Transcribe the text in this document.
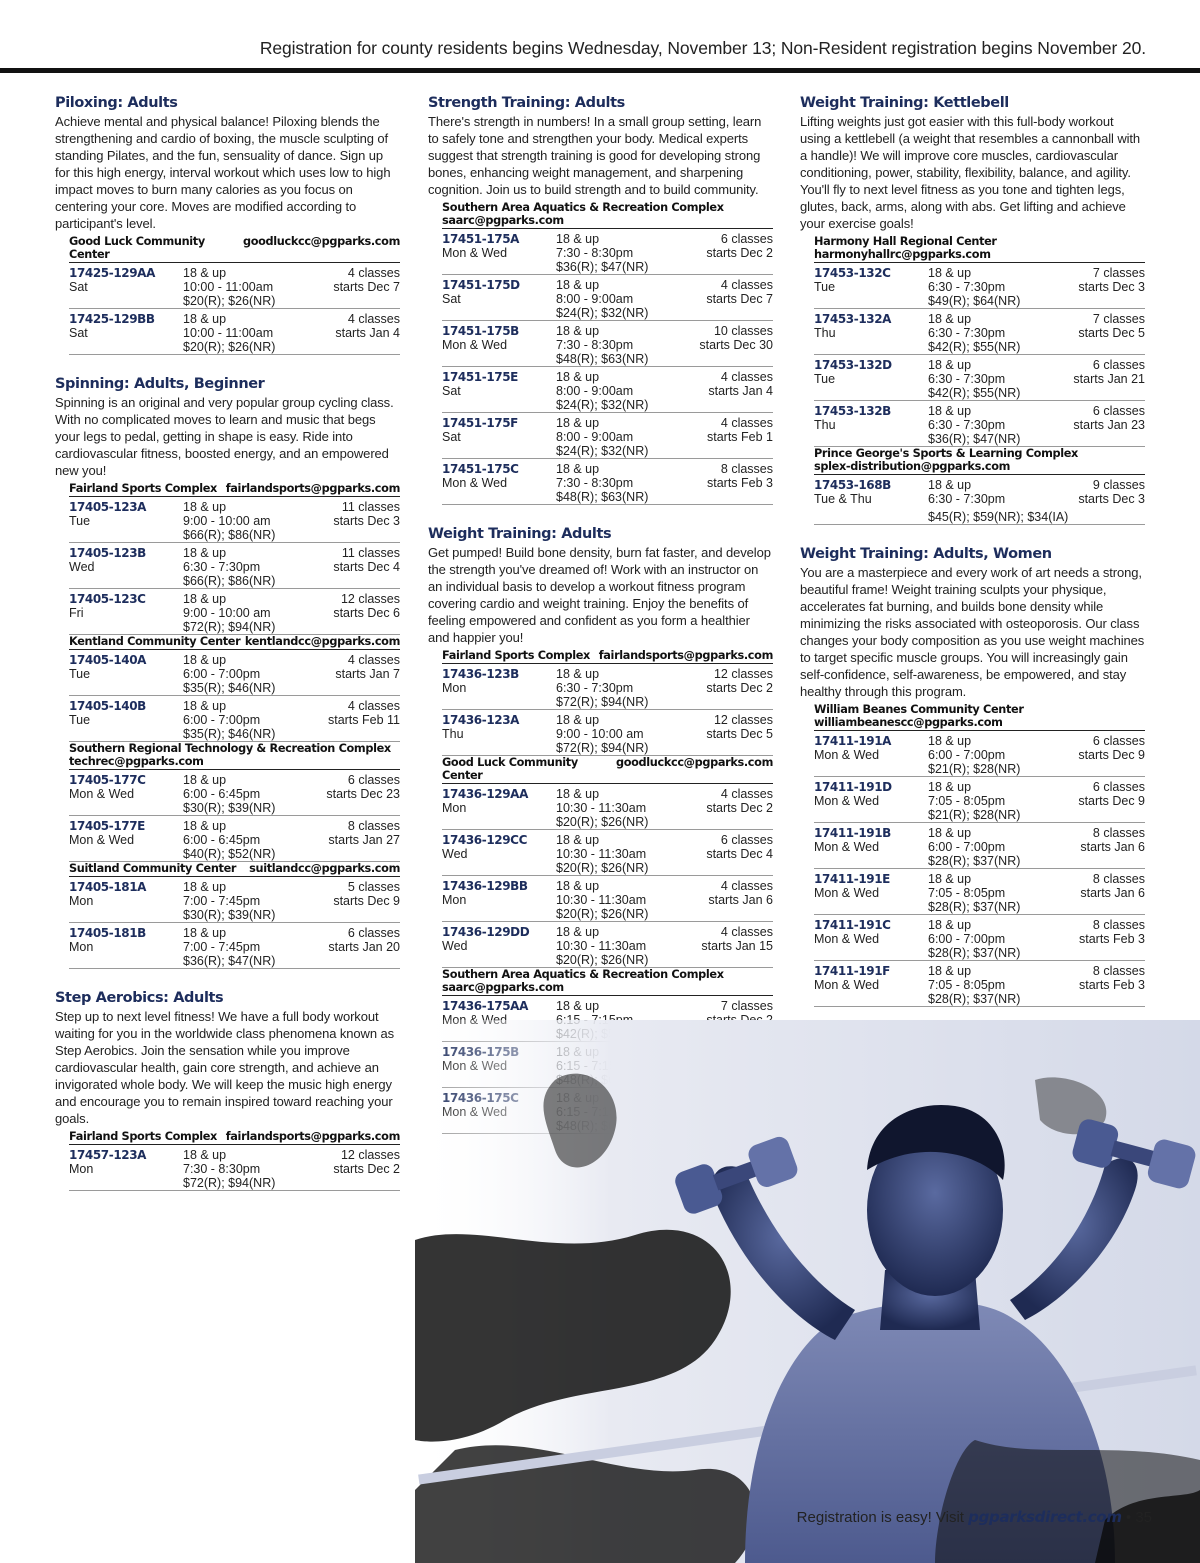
Registration for county residents begins Wednesday, November 13; Non-Resident registration begins November 20.
Piloxing: Adults
Achieve mental and physical balance! Piloxing blends the strengthening and cardio of boxing, the muscle sculpting of standing Pilates, and the fun, sensuality of dance. Sign up for this high energy, interval workout which uses low to high impact moves to burn many calories as you focus on centering your core. Moves are modified according to participant's level.
Good Luck Community Center
goodluckcc@pgparks.com
17425-129AA
Sat
18 & up
10:00 - 11:00am
$20(R); $26(NR)
4 classes
starts Dec 7
17425-129BB
Sat
18 & up
10:00 - 11:00am
$20(R); $26(NR)
4 classes
starts Jan 4
Spinning: Adults, Beginner
Spinning is an original and very popular group cycling class. With no complicated moves to learn and music that begs your legs to pedal, getting in shape is easy. Ride into cardiovascular fitness, boosted energy, and an empowered new you!
Fairland Sports Complex fairlandsports@pgparks.com
17405-123A
Tue
18 & up
9:00 - 10:00 am
$66(R); $86(NR)
11 classes
starts Dec 3
17405-123B
Wed
18 & up
6:30 - 7:30pm
$66(R); $86(NR)
11 classes
starts Dec 4
17405-123C
Fri
18 & up
9:00 - 10:00 am
$72(R); $94(NR)
12 classes
starts Dec 6
Kentland Community Center kentlandcc@pgparks.com
17405-140A
Tue
18 & up
6:00 - 7:00pm
$35(R); $46(NR)
4 classes
starts Jan 7
17405-140B
Tue
18 & up
6:00 - 7:00pm
$35(R); $46(NR)
4 classes
starts Feb 11
Southern Regional Technology & Recreation Complex
techrec@pgparks.com
17405-177C
Mon & Wed
18 & up
6:00 - 6:45pm
$30(R); $39(NR)
6 classes
starts Dec 23
17405-177E
Mon & Wed
18 & up
6:00 - 6:45pm
$40(R); $52(NR)
8 classes
starts Jan 27
Suitland Community Center suitlandcc@pgparks.com
17405-181A
Mon
18 & up
7:00 - 7:45pm
$30(R); $39(NR)
5 classes
starts Dec 9
17405-181B
Mon
18 & up
7:00 - 7:45pm
$36(R); $47(NR)
6 classes
starts Jan 20
Step Aerobics: Adults
Step up to next level fitness! We have a full body workout waiting for you in the worldwide class phenomena known as Step Aerobics. Join the sensation while you improve cardiovascular health, gain core strength, and achieve an invigorated whole body. We will keep the music high energy and encourage you to remain inspired toward reaching your goals.
Fairland Sports Complex fairlandsports@pgparks.com
17457-123A
Mon
18 & up
7:30 - 8:30pm
$72(R); $94(NR)
12 classes
starts Dec 2
Strength Training: Adults
There's strength in numbers! In a small group setting, learn to safely tone and strengthen your body. Medical experts suggest that strength training is good for developing strong bones, enhancing weight management, and sharpening cognition. Join us to build strength and to build community.
Southern Area Aquatics & Recreation Complex
saarc@pgparks.com
17451-175A
Mon & Wed
18 & up
7:30 - 8:30pm
$36(R); $47(NR)
6 classes
starts Dec 2
17451-175D
Sat
18 & up
8:00 - 9:00am
$24(R); $32(NR)
4 classes
starts Dec 7
17451-175B
Mon & Wed
18 & up
7:30 - 8:30pm
$48(R); $63(NR)
10 classes
starts Dec 30
17451-175E
Sat
18 & up
8:00 - 9:00am
$24(R); $32(NR)
4 classes
starts Jan 4
17451-175F
Sat
18 & up
8:00 - 9:00am
$24(R); $32(NR)
4 classes
starts Feb 1
17451-175C
Mon & Wed
18 & up
7:30 - 8:30pm
$48(R); $63(NR)
8 classes
starts Feb 3
Weight Training: Adults
Get pumped! Build bone density, burn fat faster, and develop the strength you've dreamed of! Work with an instructor on an individual basis to develop a workout fitness program covering cardio and weight training. Enjoy the benefits of feeling empowered and confident as you form a healthier and happier you!
Fairland Sports Complex fairlandsports@pgparks.com
17436-123B
Mon
18 & up
6:30 - 7:30pm
$72(R); $94(NR)
12 classes
starts Dec 2
17436-123A
Thu
18 & up
9:00 - 10:00 am
$72(R); $94(NR)
12 classes
starts Dec 5
Good Luck Community Center
goodluckcc@pgparks.com
17436-129AA
Mon
18 & up
10:30 - 11:30am
$20(R); $26(NR)
4 classes
starts Dec 2
17436-129CC
Wed
18 & up
10:30 - 11:30am
$20(R); $26(NR)
6 classes
starts Dec 4
17436-129BB
Mon
18 & up
10:30 - 11:30am
$20(R); $26(NR)
4 classes
starts Jan 6
17436-129DD
Wed
18 & up
10:30 - 11:30am
$20(R); $26(NR)
4 classes
starts Jan 15
Southern Area Aquatics & Recreation Complex
saarc@pgparks.com
17436-175AA 18 & up	7 classes
Weight Training: Kettlebell
Lifting weights just got easier with this full-body workout using a kettlebell (a weight that resembles a cannonball with a handle)! We will improve core muscles, cardiovascular conditioning, power, stability, flexibility, balance, and agility. You'll fly to next level fitness as you tone and tighten legs, glutes, back, arms, along with abs. Get lifting and achieve your exercise goals!
Harmony Hall Regional Center
harmonyhallrc@pgparks.com
17453-132C
Tue
18 & up
6:30 - 7:30pm
$49(R); $64(NR)
7 classes
starts Dec 3
17453-132A
Thu
18 & up
6:30 - 7:30pm
$42(R); $55(NR)
7 classes
starts Dec 5
17453-132D
Tue
18 & up
6:30 - 7:30pm
$42(R); $55(NR)
6 classes
starts Jan 21
17453-132B
Thu
18 & up
6:30 - 7:30pm
$36(R); $47(NR)
6 classes
starts Jan 23
Prince George's Sports & Learning Complex
splex-distribution@pgparks.com
17453-168B
Tue & Thu
18 & up
6:30 - 7:30pm
$45(R); $59(NR); $34(IA)
9 classes
starts Dec 3
Weight Training: Adults, Women
You are a masterpiece and every work of art needs a strong, beautiful frame! Weight training sculpts your physique, accelerates fat burning, and builds bone density while minimizing the risks associated with osteoporosis. Our class changes your body composition as you use weight machines to target specific muscle groups. You will increasingly gain self-confidence, self-awareness, be empowered, and stay healthy through this program.
William Beanes Community Center
williambeanescc@pgparks.com
17411-191A
Mon & Wed
18 & up
6:00 - 7:00pm
$21(R); $28(NR)
6 classes
starts Dec 9
17411-191D
Mon & Wed
18 & up
7:05 - 8:05pm
$21(R); $28(NR)
6 classes
starts Dec 9
17411-191B
Mon & Wed
18 & up
6:00 - 7:00pm
$28(R); $37(NR)
8 classes
starts Jan 6
17411-191E
Mon & Wed
18 & up
7:05 - 8:05pm
$28(R); $37(NR)
8 classes
starts Jan 6
17411-191C
Mon & Wed
18 & up
6:00 - 7:00pm
$28(R); $37(NR)
8 classes
starts Feb 3
17411-191F
Mon & Wed
18 & up
7:05 - 8:05pm
$28(R); $37(NR)
8 classes
starts Feb 3
Registration is easy! Visit pgparksdirect.com • 35
